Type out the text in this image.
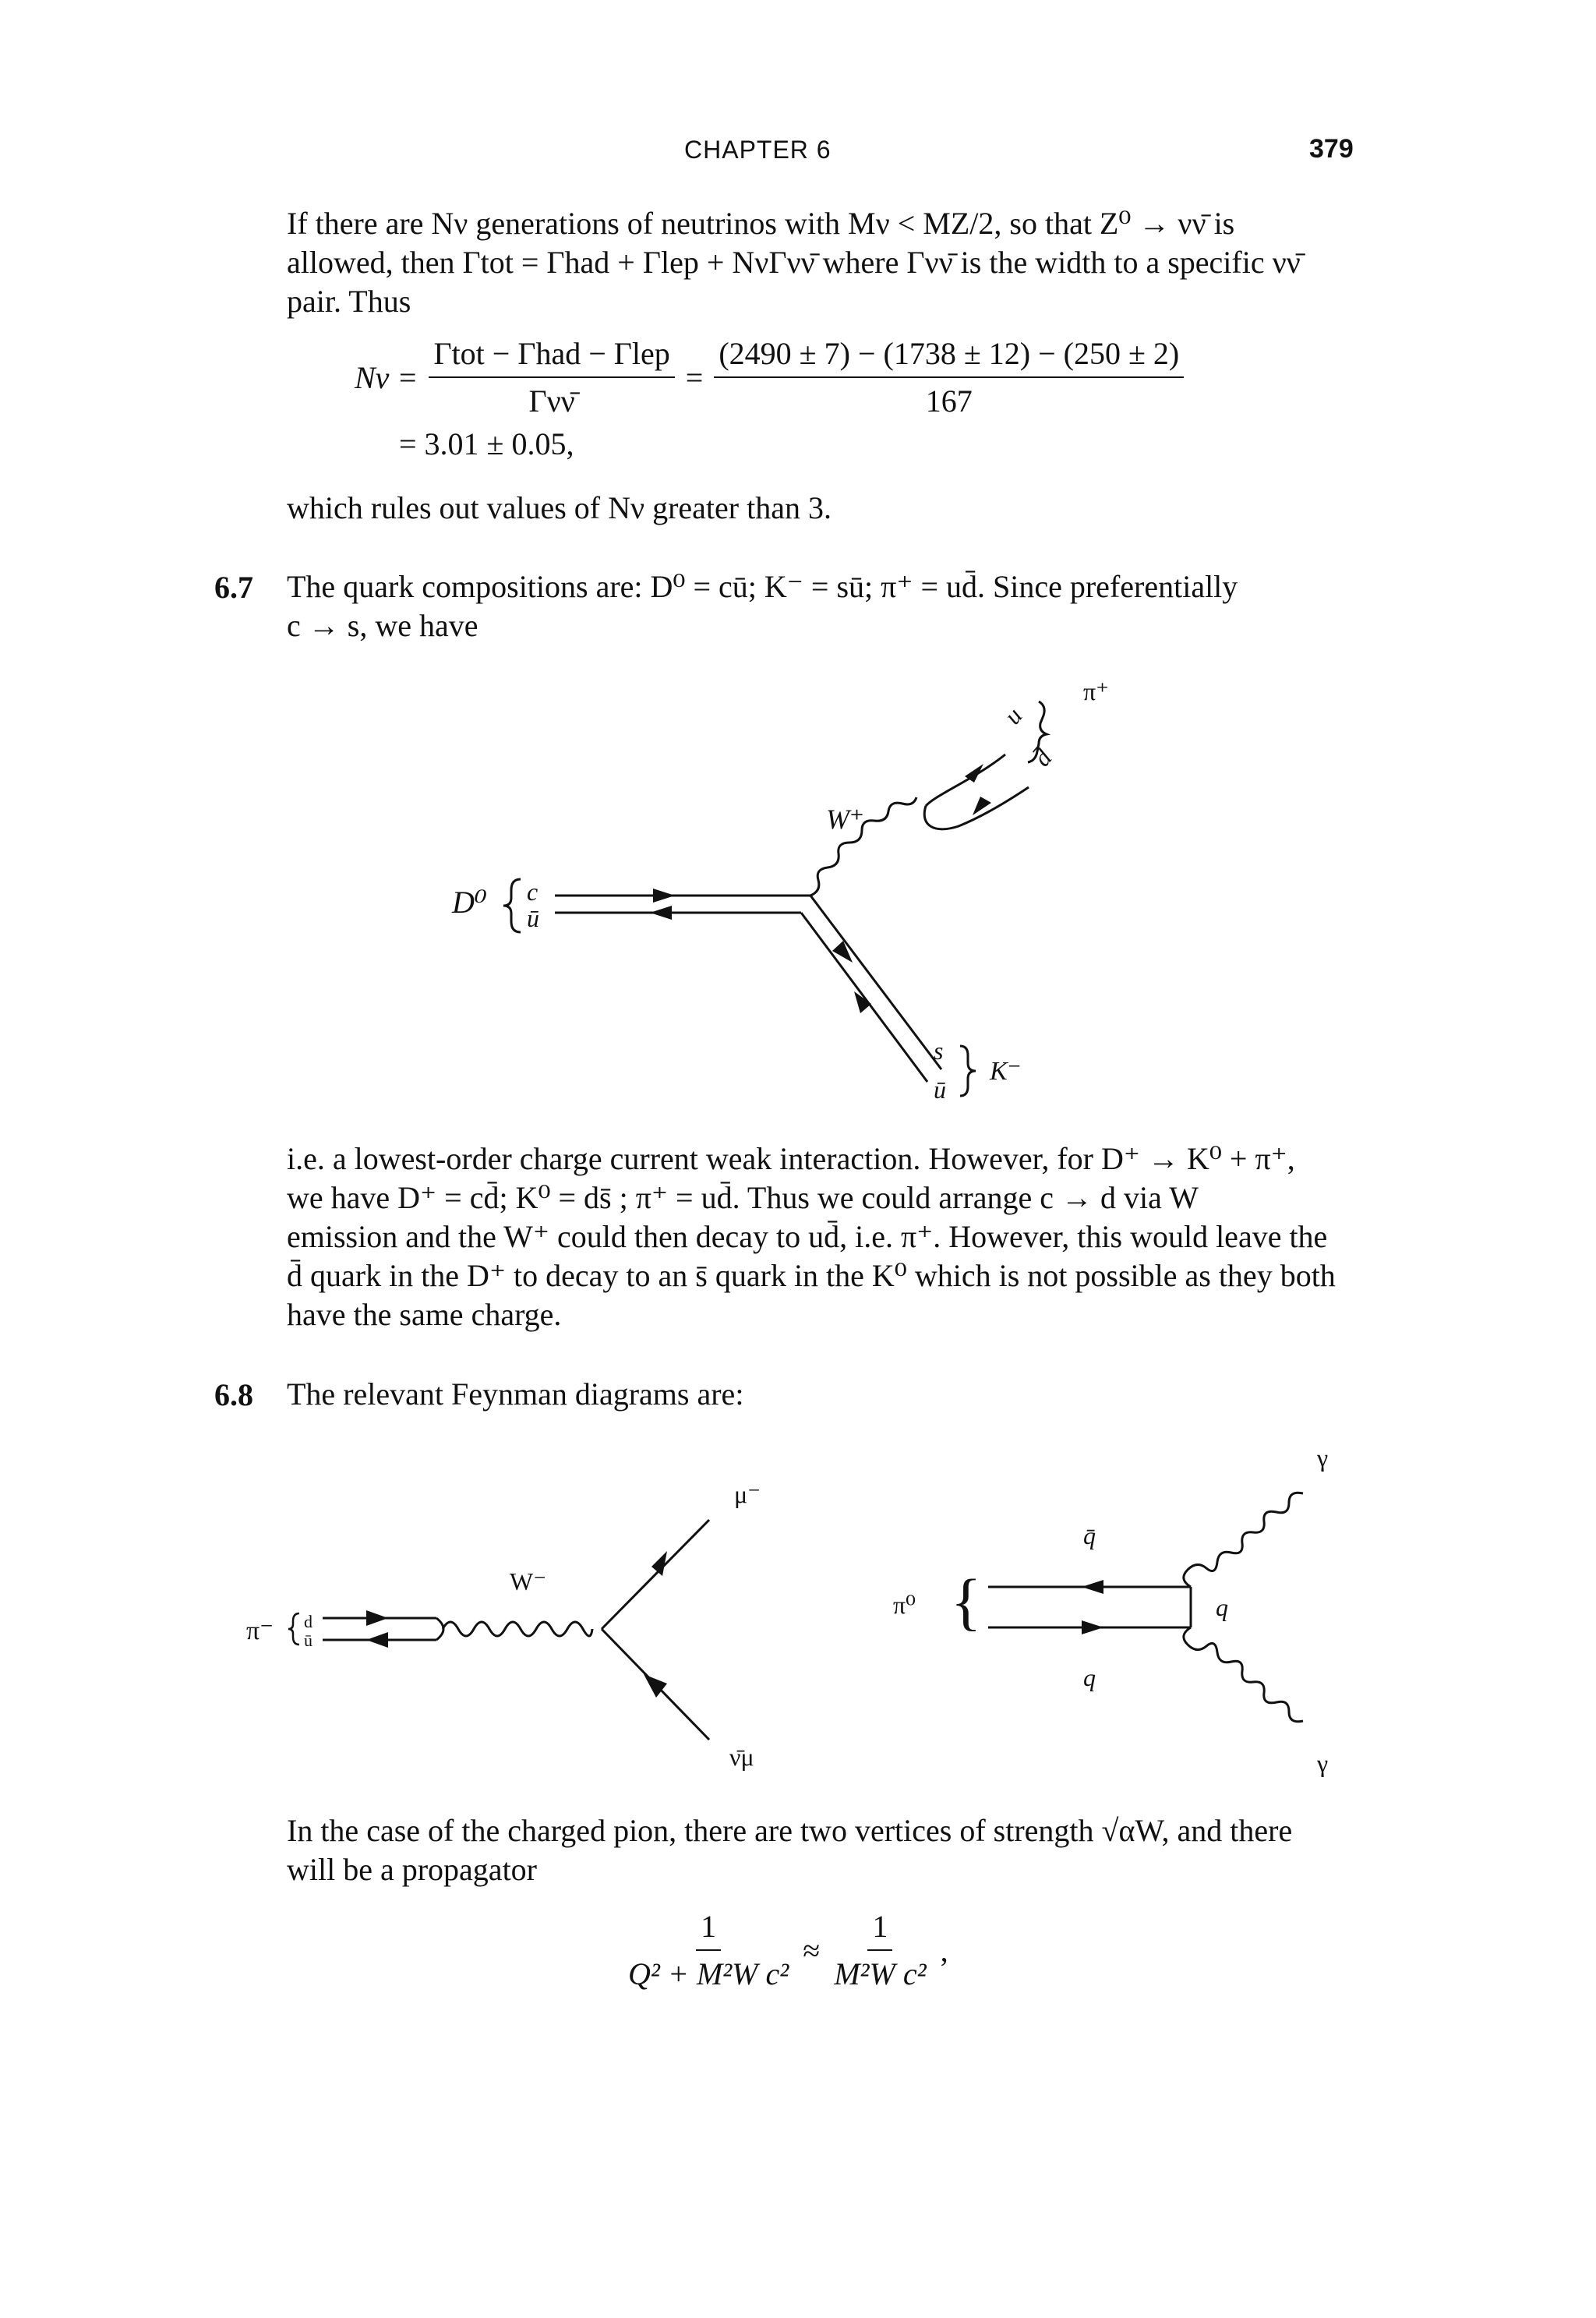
CHAPTER 6	379
If there are Nν generations of neutrinos with Mν < MZ/2, so that Z⁰ → νν̄ is
allowed, then Γtot = Γhad + Γlep + NνΓνν̄ where Γνν̄ is the width to a specific νν̄
pair. Thus
$N\nu = \frac{\text{Γtot − Γhad − Γlep}}{\text{Γνν̄}} = \frac{(2490 \pm 7) - (1738 \pm 12) - (250 \pm 2)}{167}$
= 3.01 ± 0.05,
which rules out values of Nν greater than 3.
6.7 The quark compositions are: D⁰ = cū; K⁻ = sū; π⁺ = ud̄. Since preferentially
c → s, we have
D⁰ c
ū
W⁺
u
d̄
π⁺
s
ū
K⁻
i.e. a lowest-order charge current weak interaction. However, for D⁺ → K⁰ + π⁺,
we have D⁺ = cd̄; K⁰ = ds̄ ; π⁺ = ud̄. Thus we could arrange c → d via W
emission and the W⁺ could then decay to ud̄, i.e. π⁺. However, this would leave the
d̄ quark in the D⁺ to decay to an s̄ quark in the K⁰ which is not possible as they both
have the same charge.
6.8 The relevant Feynman diagrams are:
π⁻ d
ū
W⁻
μ⁻
ν̄μ
π⁰ {
q̄
q
q
γ
γ
In the case of the charged pion, there are two vertices of strength √αW, and there
will be a propagator
$\frac{1}{\text{Q² + M²W c²}} \approx \frac{1}{\text{M²W c²}}$ ,
